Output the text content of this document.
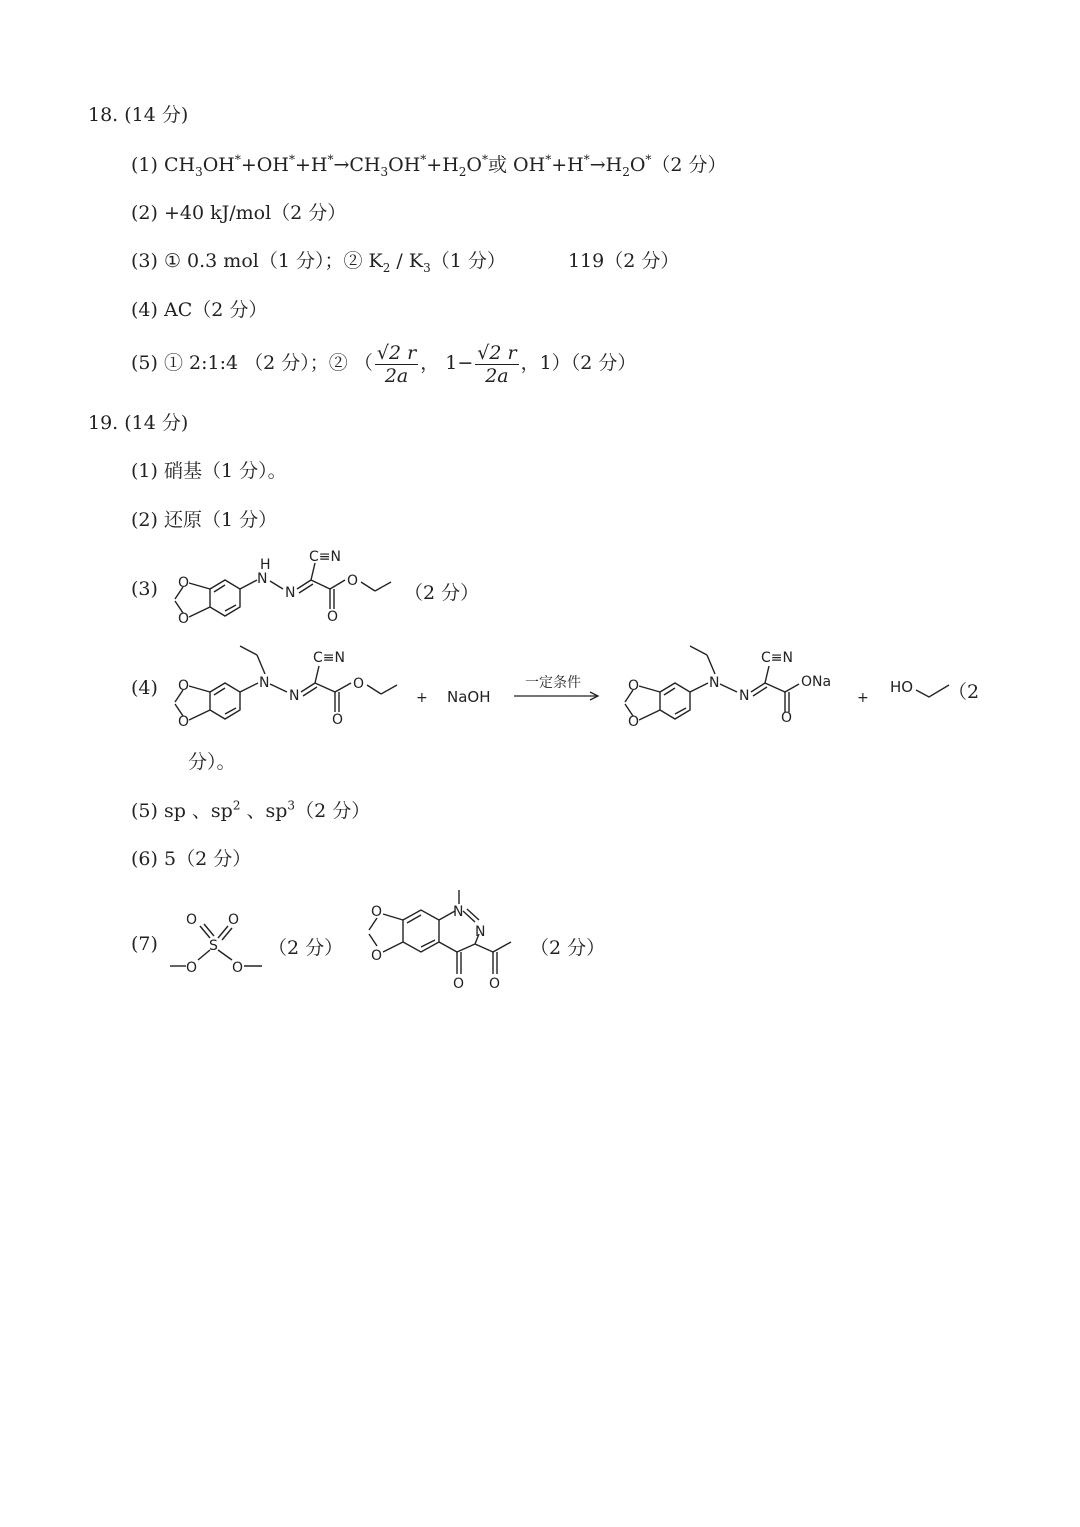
18. (14 分)
(1) $CH_3OH^*+OH^*+H^*\to CH_3OH^*+H_2O^*$或 $OH^*+H^*\to H_2O^*(2$ 分）
(2) +40 kJ/mol（2 分）
(3) ① 0.3 mol（1 分）；② $K_2 / K_3(1$ 分）	119（2 分）
(4) AC（2 分）
(5) ① 2:1:4 （2 分）；② （ $\frac{√2 r}{2a}$ ， $1- \frac{√2 r}{2a}$ ，1）（2 分）
19. (14 分)
(1) 硝基（1 分）。
(2) 还原（1 分）
(3) O
O
H
N
N
C≡N
O
O
（2 分）
(4) O
O
N
N
C≡N
O
O
+ NaOH
一定条件	O
O
N
N
C≡N
O
ONa
+
HO （2
分）。
(5) sp 、$sp^2$ 、$sp^3(2$ 分）
(6) 5（2 分）
(7)
O O
S
O O
（2 分）
O
O
N
N
O O
（2 分）
